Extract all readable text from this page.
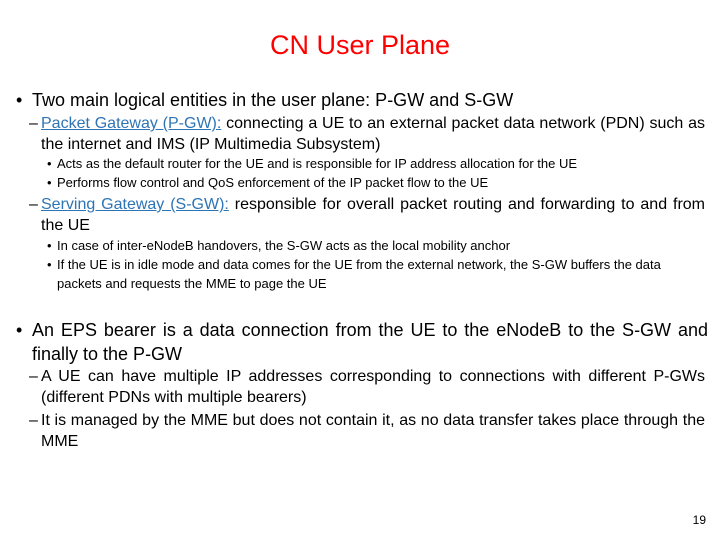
CN User Plane
• Two main logical entities in the user plane: P-GW and S-GW
– Packet Gateway (P-GW): connecting a UE to an external packet data network (PDN) such as the internet and IMS (IP Multimedia Subsystem)
• Acts as the default router for the UE and is responsible for IP address allocation for the UE
• Performs flow control and QoS enforcement of the IP packet flow to the UE
– Serving Gateway (S-GW): responsible for overall packet routing and forwarding to and from the UE
• In case of inter-eNodeB handovers, the S-GW acts as the local mobility anchor
• If the UE is in idle mode and data comes for the UE from the external network, the S-GW buffers the data packets and requests the MME to page the UE
• An EPS bearer is a data connection from the UE to the eNodeB to the S-GW and finally to the P-GW
– A UE can have multiple IP addresses corresponding to connections with different P-GWs (different PDNs with multiple bearers)
– It is managed by the MME but does not contain it, as no data transfer takes place through the MME
19
